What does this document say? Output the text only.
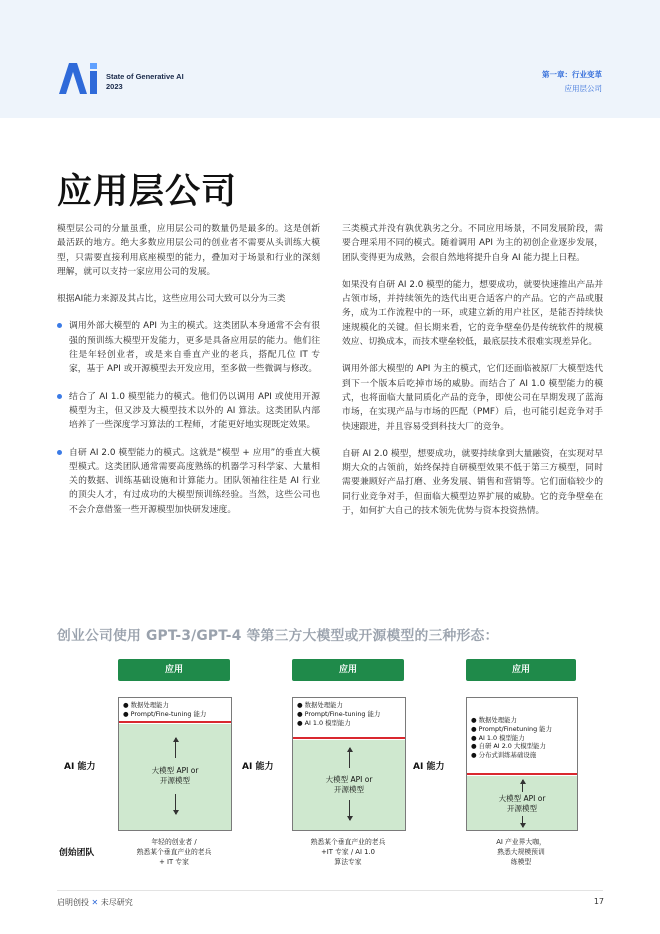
State of Generative AI
2023
第一章：行业变革
应用层公司
应用层公司

模型层公司的分量虽重，应用层公司的数量仍是最多的。这是创新最活跃的地方。绝大多数应用层公司的创业者不需要从头训练大模型，只需要直接利用底座模型的能力，叠加对于场景和行业的深刻理解，就可以支持一家应用公司的发展。

根据AI能力来源及其占比，这些应用公司大致可以分为三类

调用外部大模型的 API 为主的模式。这类团队本身通常不会有很强的预训练大模型开发能力，更多是具备应用层的能力。他们往往是年轻创业者，或是来自垂直产业的老兵，搭配几位 IT 专家，基于 API 或开源模型去开发应用，至多做一些微调与修改。
结合了 AI 1.0 模型能力的模式。他们仍以调用 API 或使用开源模型为主，但又涉及大模型技术以外的 AI 算法。这类团队内部培养了一些深度学习算法的工程师，才能更好地实现既定效果。
自研 AI 2.0 模型能力的模式。这就是“模型 + 应用”的垂直大模型模式。这类团队通常需要高度熟练的机器学习科学家、大量相关的数据、训练基础设施和计算能力。团队领袖往往是 AI 行业的顶尖人才，有过成功的大模型预训练经验。当然，这些公司也不会介意借鉴一些开源模型加快研发速度。

三类模式并没有孰优孰劣之分。不同应用场景，不同发展阶段，需要合理采用不同的模式。随着调用 API 为主的初创企业逐步发展，团队变得更为成熟，会很自然地将提升自身 AI 能力提上日程。

如果没有自研 AI 2.0 模型的能力，想要成功，就要快速推出产品并占领市场，并持续领先的迭代出更合适客户的产品。它的产品或服务，成为工作流程中的一环，或建立新的用户社区，是能否持续快速规模化的关键。但长期来看，它的竞争壁垒仍是传统软件的规模效应、切换成本，而技术壁垒较低，最底层技术很难实现差异化。

调用外部大模型的 API 为主的模式，它们还面临被原厂大模型迭代到下一个版本后吃掉市场的威胁。而结合了 AI 1.0 模型能力的模式，也将面临大量同质化产品的竞争，即使公司在早期发现了蓝海市场，在实现产品与市场的匹配（PMF）后，也可能引起竞争对手快速跟进，并且容易受到科技大厂的竞争。

自研 AI 2.0 模型，想要成功，就要持续拿到大量融资，在实现对早期大众的占领前，始终保持自研模型效果不低于第三方模型，同时需要兼顾好产品打磨、业务发展、销售和营销等。它们面临较少的同行业竞争对手，但面临大模型边界扩展的威胁。它的竞争壁垒在于，如何扩大自己的技术领先优势与资本投资热情。

创业公司使用 GPT-3/GPT-4 等第三方大模型或开源模型的三种形态：
应用
● 数据处理能力
● Prompt/Fine-tuning 能力
大模型 API or
开源模型
AI 能力
应用
● 数据处理能力
● Prompt/Fine-tuning 能力
● AI 1.0 模型能力
大模型 API or
开源模型
AI 能力
应用
● 数据处理能力
● Prompt/Finetuning 能力
● AI 1.0 模型能力
● 自研 AI 2.0 大模型能力
● 分布式训练基础设施
大模型 API or
开源模型
AI 能力
创始团队
年轻的创业者 /
熟悉某个垂直产业的老兵
+ IT 专家
熟悉某个垂直产业的老兵
+IT 专家 / AI 1.0
算法专家
AI 产业界大咖，
熟悉大规模预训
练模型
启明创投 ✕ 未尽研究	17
